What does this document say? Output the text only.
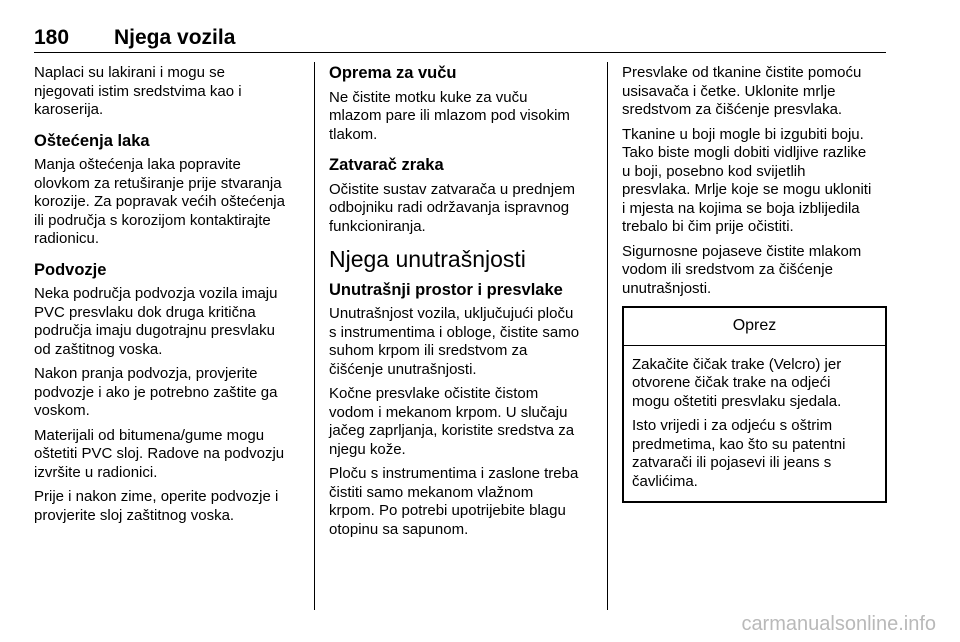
180 Njega vozila

Naplaci su lakirani i mogu se
njegovati istim sredstvima kao i
karoserija.

Oštećenja laka

Manja oštećenja laka popravite
olovkom za retuširanje prije stvaranja
korozije. Za popravak većih oštećenja
ili područja s korozijom kontaktirajte
radionicu.

Podvozje

Neka područja podvozja vozila imaju
PVC presvlaku dok druga kritična
područja imaju dugotrajnu presvlaku
od zaštitnog voska.

Nakon pranja podvozja, provjerite
podvozje i ako je potrebno zaštite ga
voskom.

Materijali od bitumena/gume mogu
oštetiti PVC sloj. Radove na podvozju
izvršite u radionici.

Prije i nakon zime, operite podvozje i
provjerite sloj zaštitnog voska.

Oprema za vuču

Ne čistite motku kuke za vuču
mlazom pare ili mlazom pod visokim
tlakom.

Zatvarač zraka

Očistite sustav zatvarača u prednjem
odbojniku radi održavanja ispravnog
funkcioniranja.

Njega unutrašnjosti
Unutrašnji prostor i presvlake

Unutrašnjost vozila, uključujući ploču
s instrumentima i obloge, čistite samo
suhom krpom ili sredstvom za
čišćenje unutrašnjosti.

Kočne presvlake očistite čistom
vodom i mekanom krpom. U slučaju
jačeg zaprljanja, koristite sredstva za
njegu kože.

Ploču s instrumentima i zaslone treba
čistiti samo mekanom vlažnom
krpom. Po potrebi upotrijebite blagu
otopinu sa sapunom.

Presvlake od tkanine čistite pomoću
usisavača i četke. Uklonite mrlje
sredstvom za čišćenje presvlaka.

Tkanine u boji mogle bi izgubiti boju.
Tako biste mogli dobiti vidljive razlike
u boji, posebno kod svijetlih
presvlaka. Mrlje koje se mogu ukloniti
i mjesta na kojima se boja izblijedila
trebalo bi čim prije očistiti.

Sigurnosne pojaseve čistite mlakom
vodom ili sredstvom za čišćenje
unutrašnjosti.

Oprez

Zakačite čičak trake (Velcro) jer
otvorene čičak trake na odjeći
mogu oštetiti presvlaku sjedala.

Isto vrijedi i za odjeću s oštrim
predmetima, kao što su patentni
zatvarači ili pojasevi ili jeans s
čavlićima.

carmanualsonline.info
